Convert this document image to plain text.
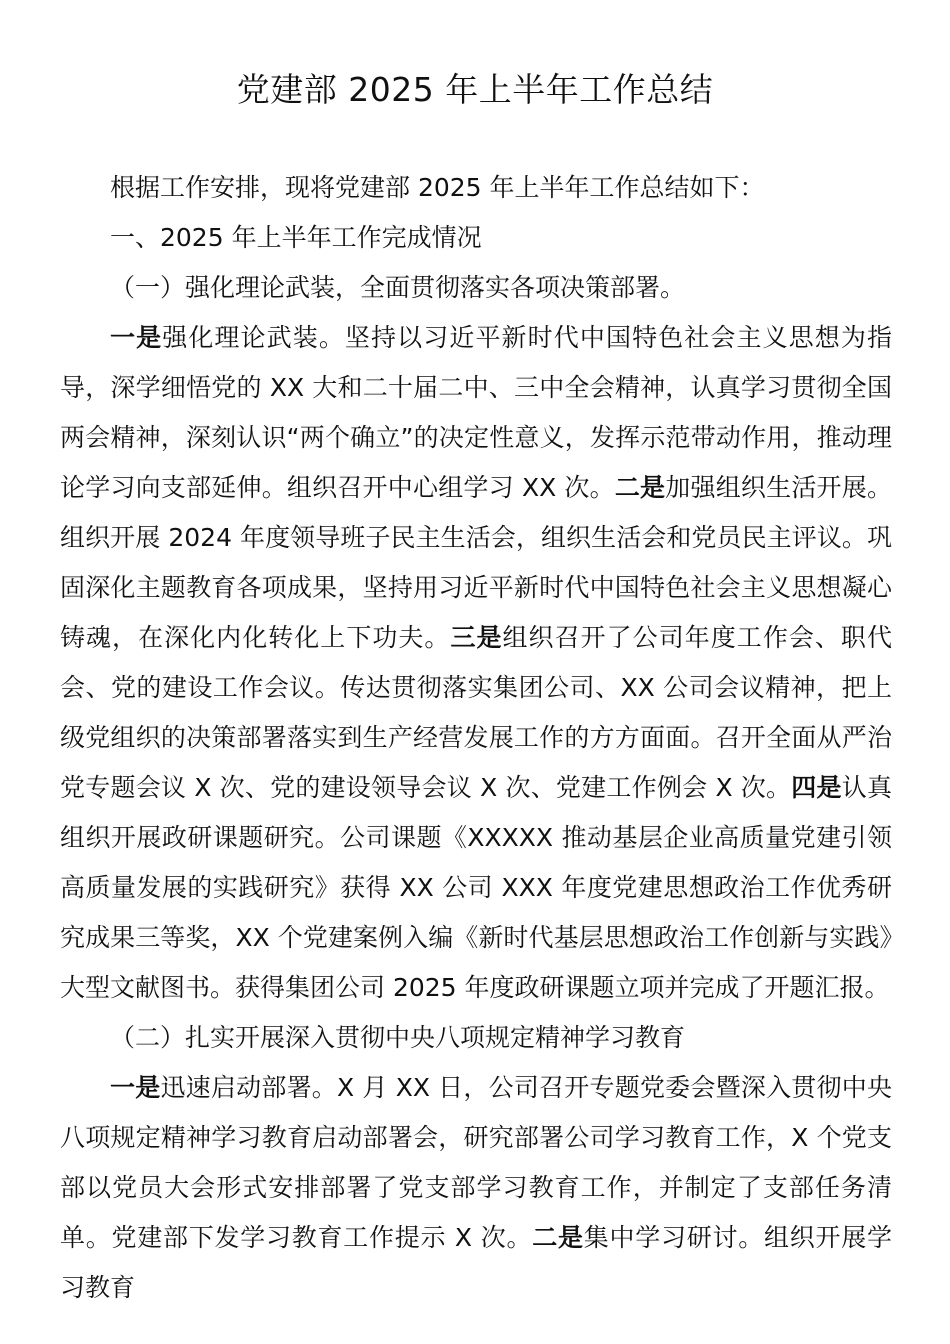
党建部 2025 年上半年工作总结

根据工作安排，现将党建部 2025 年上半年工作总结如下：

一、2025 年上半年工作完成情况

（一）强化理论武装，全面贯彻落实各项决策部署。

一是强化理论武装。坚持以习近平新时代中国特色社会主义思想为指导，深学细悟党的 XX 大和二十届二中、三中全会精神，认真学习贯彻全国两会精神，深刻认识“两个确立”的决定性意义，发挥示范带动作用，推动理论学习向支部延伸。组织召开中心组学习 XX 次。二是加强组织生活开展。组织开展 2024 年度领导班子民主生活会，组织生活会和党员民主评议。巩固深化主题教育各项成果，坚持用习近平新时代中国特色社会主义思想凝心铸魂，在深化内化转化上下功夫。三是组织召开了公司年度工作会、职代会、党的建设工作会议。传达贯彻落实集团公司、XX 公司会议精神，把上级党组织的决策部署落实到生产经营发展工作的方方面面。召开全面从严治党专题会议 X 次、党的建设领导会议 X 次、党建工作例会 X 次。四是认真组织开展政研课题研究。公司课题《XXXXX 推动基层企业高质量党建引领高质量发展的实践研究》获得 XX 公司 XXX 年度党建思想政治工作优秀研究成果三等奖，XX 个党建案例入编《新时代基层思想政治工作创新与实践》大型文献图书。获得集团公司 2025 年度政研课题立项并完成了开题汇报。

（二）扎实开展深入贯彻中央八项规定精神学习教育

一是迅速启动部署。X 月 XX 日，公司召开专题党委会暨深入贯彻中央八项规定精神学习教育启动部署会，研究部署公司学习教育工作，X 个党支部以党员大会形式安排部署了党支部学习教育工作，并制定了支部任务清单。党建部下发学习教育工作提示 X 次。二是集中学习研讨。组织开展学习教育
